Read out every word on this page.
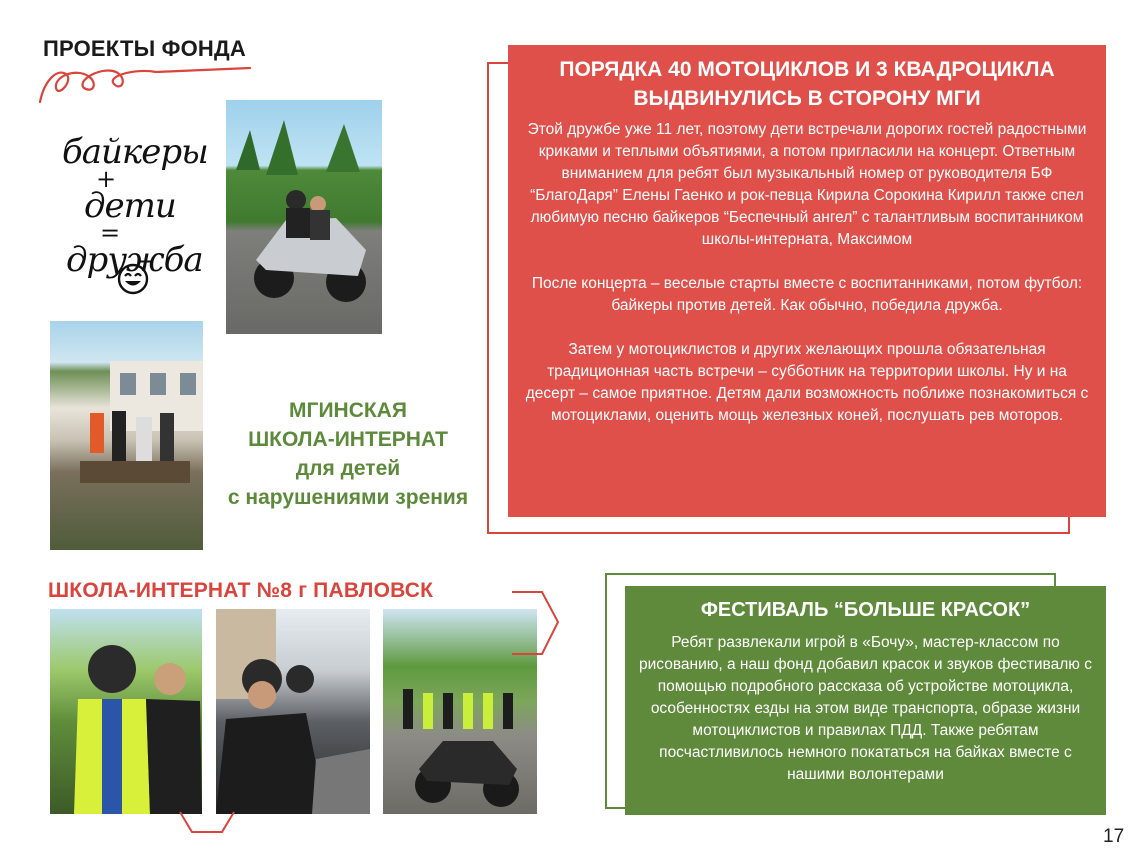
ПРОЕКТЫ ФОНДА
байкеры
+
дети
=
дружба
МГИНСКАЯ
ШКОЛА-ИНТЕРНАТ
для детей
с нарушениями зрения
ШКОЛА-ИНТЕРНАТ №8 г ПАВЛОВСК
ПОРЯДКА 40 МОТОЦИКЛОВ И 3 КВАДРОЦИКЛА ВЫДВИНУЛИСЬ В СТОРОНУ МГИ

Этой дружбе уже 11 лет, поэтому дети встречали дорогих гостей радостными криками и теплыми объятиями, а потом пригласили на концерт. Ответным вниманием для ребят был музыкальный номер от руководителя БФ “БлагоДаря” Елены Гаенко и рок-певца Кирила Сорокина Кирилл также спел любимую песню байкеров “Беспечный ангел” с талантливым воспитанником школы-интерната, Максимом

После концерта – веселые старты вместе с воспитанниками, потом футбол: байкеры против детей. Как обычно, победила дружба.

Затем у мотоциклистов и других желающих прошла обязательная традиционная часть встречи – субботник на территории школы. Ну и на десерт – самое приятное. Детям дали возможность поближе познакомиться с мотоциклами, оценить мощь железных коней, послушать рев моторов.

ФЕСТИВАЛЬ “БОЛЬШЕ КРАСОК”
Ребят развлекали игрой в «Бочу», мастер-классом по рисованию, а наш фонд добавил красок и звуков фестивалю с помощью подробного рассказа об устройстве мотоцикла, особенностях езды на этом виде транспорта, образе жизни мотоциклистов и правилах ПДД. Также ребятам посчастливилось немного покататься на байках вместе с нашими волонтерами
17
